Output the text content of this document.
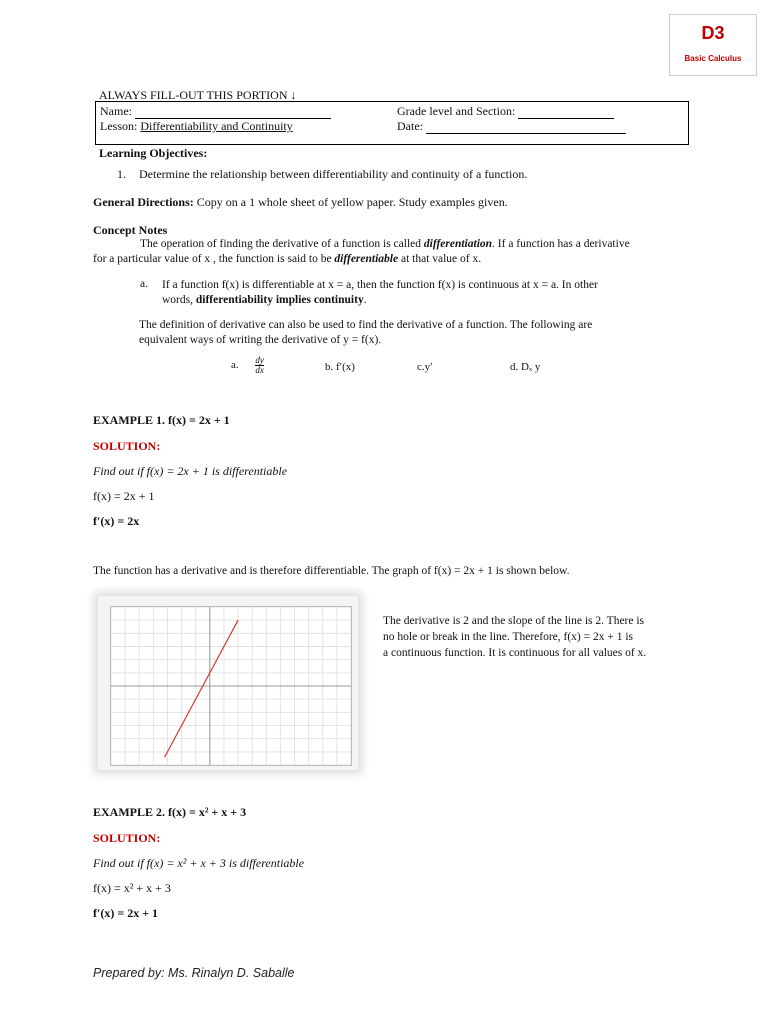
D3
Basic Calculus
ALWAYS FILL-OUT THIS PORTION ↓
Name:
Lesson: Differentiability and Continuity
Grade level and Section:
Date:
Learning Objectives:
1. Determine the relationship between differentiability and continuity of a function.
General Directions: Copy on a 1 whole sheet of yellow paper. Study examples given.
Concept Notes
The operation of finding the derivative of a function is called differentiation. If a function has a derivative
for a particular value of x , the function is said to be differentiable at that value of x.
a. If a function f(x) is differentiable at x = a, then the function f(x) is continuous at x = a. In other
words, differentiability implies continuity.
The definition of derivative can also be used to find the derivative of a function. The following are
equivalent ways of writing the derivative of y = f(x).
a. $\frac{dy}{dx}$	b. f′(x)	c.y′	d. Dₓ y
EXAMPLE 1. f(x) = 2x + 1
SOLUTION:
Find out if f(x) = 2x + 1 is differentiable
f(x) = 2x + 1
f′(x) = 2x
The function has a derivative and is therefore differentiable. The graph of f(x) = 2x + 1 is shown below.
The derivative is 2 and the slope of the line is 2. There is
no hole or break in the line. Therefore, f(x) = 2x + 1 is
a continuous function. It is continuous for all values of x.
EXAMPLE 2. f(x) = x² + x + 3
SOLUTION:
Find out if f(x) = x² + x + 3 is differentiable
f(x) = x² + x + 3
f′(x) = 2x + 1
Prepared by: Ms. Rinalyn D. Saballe
